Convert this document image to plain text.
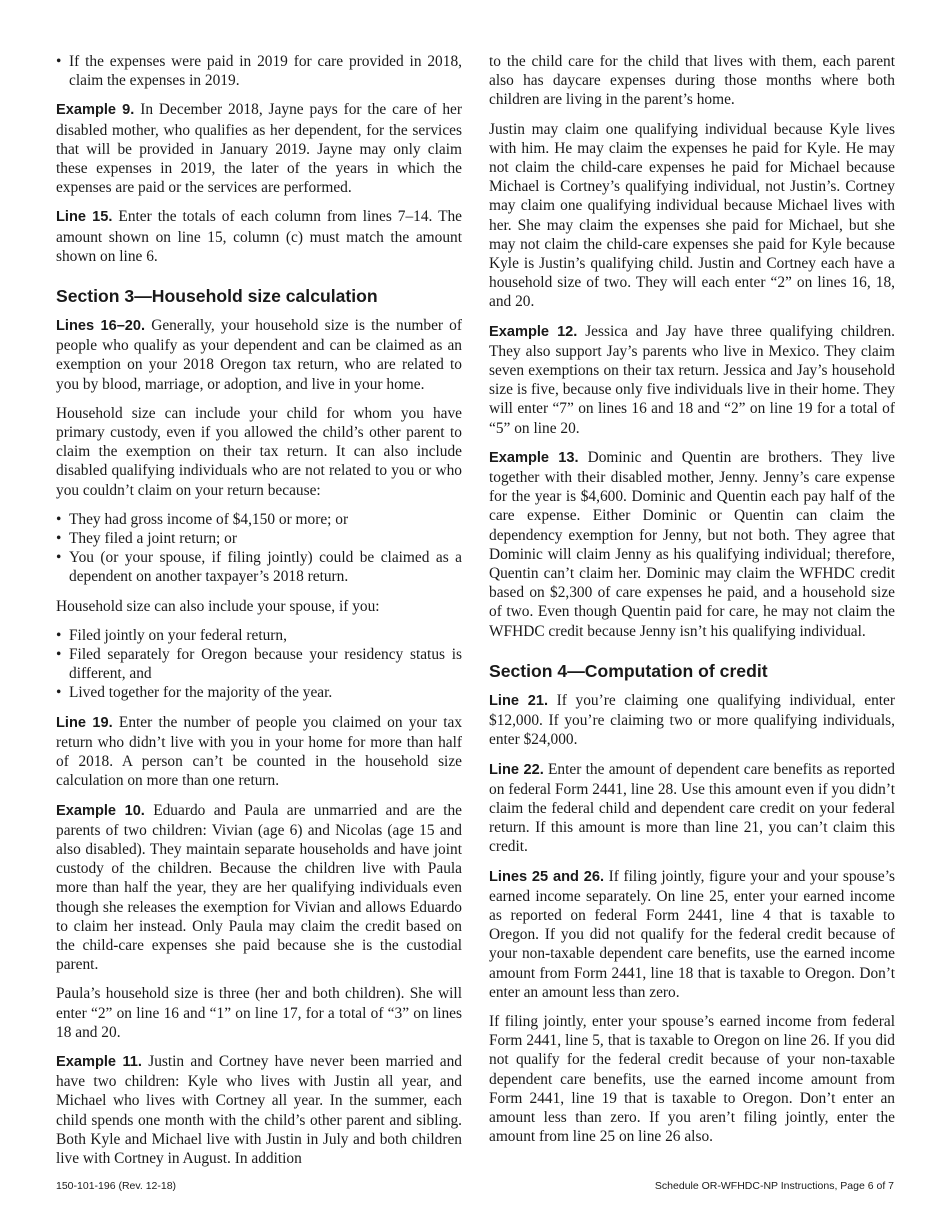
• If the expenses were paid in 2019 for care provided in 2018, claim the expenses in 2019.

Example 9. In December 2018, Jayne pays for the care of her disabled mother, who qualifies as her dependent, for the services that will be provided in January 2019. Jayne may only claim these expenses in 2019, the later of the years in which the expenses are paid or the services are performed.

Line 15. Enter the totals of each column from lines 7–14. The amount shown on line 15, column (c) must match the amount shown on line 6.

Section 3—Household size calculation

Lines 16–20. Generally, your household size is the number of people who qualify as your dependent and can be claimed as an exemption on your 2018 Oregon tax return, who are related to you by blood, marriage, or adoption, and live in your home.

Household size can include your child for whom you have primary custody, even if you allowed the child’s other parent to claim the exemption on their tax return. It can also include disabled qualifying individuals who are not related to you or who you couldn’t claim on your return because:

• They had gross income of $4,150 or more; or
• They filed a joint return; or
• You (or your spouse, if filing jointly) could be claimed as a dependent on another taxpayer’s 2018 return.

Household size can also include your spouse, if you:

• Filed jointly on your federal return,
• Filed separately for Oregon because your residency status is different, and
• Lived together for the majority of the year.

Line 19. Enter the number of people you claimed on your tax return who didn’t live with you in your home for more than half of 2018. A person can’t be counted in the household size calculation on more than one return.

Example 10. Eduardo and Paula are unmarried and are the parents of two children: Vivian (age 6) and Nicolas (age 15 and also disabled). They maintain separate households and have joint custody of the children. Because the children live with Paula more than half the year, they are her qualifying individuals even though she releases the exemption for Vivian and allows Eduardo to claim her instead. Only Paula may claim the credit based on the child-care expenses she paid because she is the custodial parent.

Paula’s household size is three (her and both children). She will enter “2” on line 16 and “1” on line 17, for a total of “3” on lines 18 and 20.

Example 11. Justin and Cortney have never been married and have two children: Kyle who lives with Justin all year, and Michael who lives with Cortney all year. In the summer, each child spends one month with the child’s other parent and sibling. Both Kyle and Michael live with Justin in July and both children live with Cortney in August. In addition

to the child care for the child that lives with them, each parent also has daycare expenses during those months where both children are living in the parent’s home.

Justin may claim one qualifying individual because Kyle lives with him. He may claim the expenses he paid for Kyle. He may not claim the child-care expenses he paid for Michael because Michael is Cortney’s qualifying individual, not Justin’s. Cortney may claim one qualifying individual because Michael lives with her. She may claim the expenses she paid for Michael, but she may not claim the child-care expenses she paid for Kyle because Kyle is Justin’s qualifying child. Justin and Cortney each have a household size of two. They will each enter “2” on lines 16, 18, and 20.

Example 12. Jessica and Jay have three qualifying children. They also support Jay’s parents who live in Mexico. They claim seven exemptions on their tax return. Jessica and Jay’s household size is five, because only five individuals live in their home. They will enter “7” on lines 16 and 18 and “2” on line 19 for a total of “5” on line 20.

Example 13. Dominic and Quentin are brothers. They live together with their disabled mother, Jenny. Jenny’s care expense for the year is $4,600. Dominic and Quentin each pay half of the care expense. Either Dominic or Quentin can claim the dependency exemption for Jenny, but not both. They agree that Dominic will claim Jenny as his qualifying individual; therefore, Quentin can’t claim her. Dominic may claim the WFHDC credit based on $2,300 of care expenses he paid, and a household size of two. Even though Quentin paid for care, he may not claim the WFHDC credit because Jenny isn’t his qualifying individual.

Section 4—Computation of credit

Line 21. If you’re claiming one qualifying individual, enter $12,000. If you’re claiming two or more qualifying individuals, enter $24,000.

Line 22. Enter the amount of dependent care benefits as reported on federal Form 2441, line 28. Use this amount even if you didn’t claim the federal child and dependent care credit on your federal return. If this amount is more than line 21, you can’t claim this credit.

Lines 25 and 26. If filing jointly, figure your and your spouse’s earned income separately. On line 25, enter your earned income as reported on federal Form 2441, line 4 that is taxable to Oregon. If you did not qualify for the federal credit because of your non-taxable dependent care benefits, use the earned income amount from Form 2441, line 18 that is taxable to Oregon. Don’t enter an amount less than zero.

If filing jointly, enter your spouse’s earned income from federal Form 2441, line 5, that is taxable to Oregon on line 26. If you did not qualify for the federal credit because of your non-taxable dependent care benefits, use the earned income amount from Form 2441, line 19 that is taxable to Oregon. Don’t enter an amount less than zero. If you aren’t filing jointly, enter the amount from line 25 on line 26 also.

150-101-196 (Rev. 12-18)	Schedule OR-WFHDC-NP Instructions, Page 6 of 7
